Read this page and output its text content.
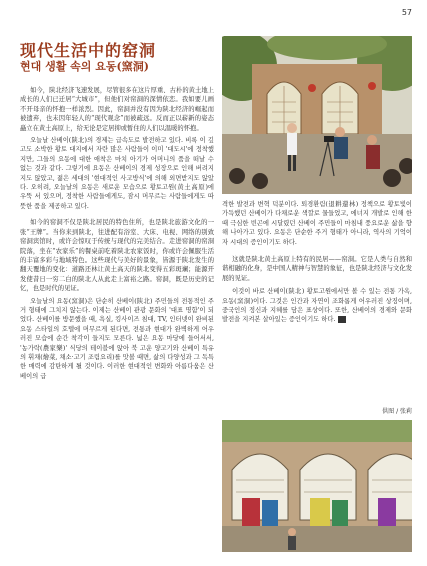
57
现代生活中的窑洞
현대 생활 속의 요동(窯洞)

如今，陕北经济飞速发展，尽管很多在这片厚重、古朴的黄土地上成长的人们已迁居“大城市”，但他们对窑洞的深情依恋。我如要儿画不开母亲的怀抱一样浓烈。因此，窑洞并没有因为陕北经济的崛起而被遗弃，也未因年轻人的“现代观念”而被疏远。反而正以崭新的姿态矗立在黄土高原上，给无论是定居抑或暂住的人们以温暖的怀抱。

오늘날 산베이(陕北)의 경제는 급속도로 발전하고 있다. 비록 이 깊고도 소박한 황토 대지에서 자란 많은 사람들이 이미 '대도시'에 정착했지만, 그들의 요동에 대한 애착은 마치 아기가 어머니의 품을 떠날 수 없는 것과 같다. 그렇기에 요동은 산베이의 경제 성장으로 인해 버려지지도 않았고, 젊은 세대의 '현대적인 사고방식'에 의해 외면받지도 않았다. 오히려, 오늘날의 요동은 새로운 모습으로 황토고원(黄土高原)에 우뚝 서 있으며, 정착한 사람들에게도, 잠시 머무르는 사람들에게도 따뜻한 품을 제공하고 있다.

如今的窑洞不仅是陕北居民的特色住所，也是陕北旅游文化的一张“王牌”。当你来到陕北，往进配有浴室、大床、电视、网络的别致窑洞宾馆时，或许会惊叹于传统与现代的完美结合。走进窑洞的窑洞院落，坐在“农家乐”的餐桌前吃着陕北农家饭时，你或许会佩服生活的丰富多彩与地域特色。这些现代与美好的景象，皆源于陕北发生的翻天覆地的变化：道路还林让黄土高天的陕北变得五彩斑斓；能源开发使昔日一穷二白的陕北人从此走上富裕之路。窑洞，既是历史的记忆，也是时代的见证。

오늘날의 요동(窯洞)은 단순히 산베이(陕北) 주민들의 전통적인 주거 형태에 그치지 않는다. 이제는 산베이 관광 문화의 '대표 명함'이 되었다. 산베이를 방문했을 때, 욕실, 킹사이즈 침대, TV, 인터넷이 완비된 요동 스타일의 호텔에 머무르게 된다면, 전통과 현대가 완벽하게 어우러진 모습에 순간 착각이 들지도 모른다. 넓은 요동 마당에 들어서서, '농가락(農家樂)' 식당의 테이블에 앉아 북 고운 양고기와 산베이 특유의 휘채(燴菜, 채소·고기 조림요리)를 맛볼 때면, 삶의 다양성과 그 독특한 매력에 감탄하게 될 것이다. 이러한 현대적인 변화와 아름다움은 산베이의 급

격한 발전과 변혁 덕분이다. 퇴경환림(退耕還林) 정책으로 황토빛이 가득했던 산베이가 다채로운 색깔로 물들었고, 에너지 개발로 인해 한때 극심한 빈곤에 시달렸던 산베이 주민들이 마침내 풍요로운 삶을 향해 나아가고 있다. 요동은 단순한 주거 형태가 아니라, 역사의 기억이자 시대의 증인이기도 하다.

这就是陕北黄土高原上特有的民居——窑洞。它是人类与自然和谐相融的化身，是中国人精神与智慧的象征，也是陕北经济与文化发展的见证。

이것이 바로 산베이(陕北) 황토고원에서만 볼 수 있는 전통 가옥, 요동(窯洞)이다. 그것은 인간과 자연이 조화롭게 어우러진 상징이며, 중국인의 정신과 지혜를 담은 표상이다. 또한, 산베이의 경제와 문화 발전을 지켜본 살아있는 증인이기도 하다.

供图 / 张莉
